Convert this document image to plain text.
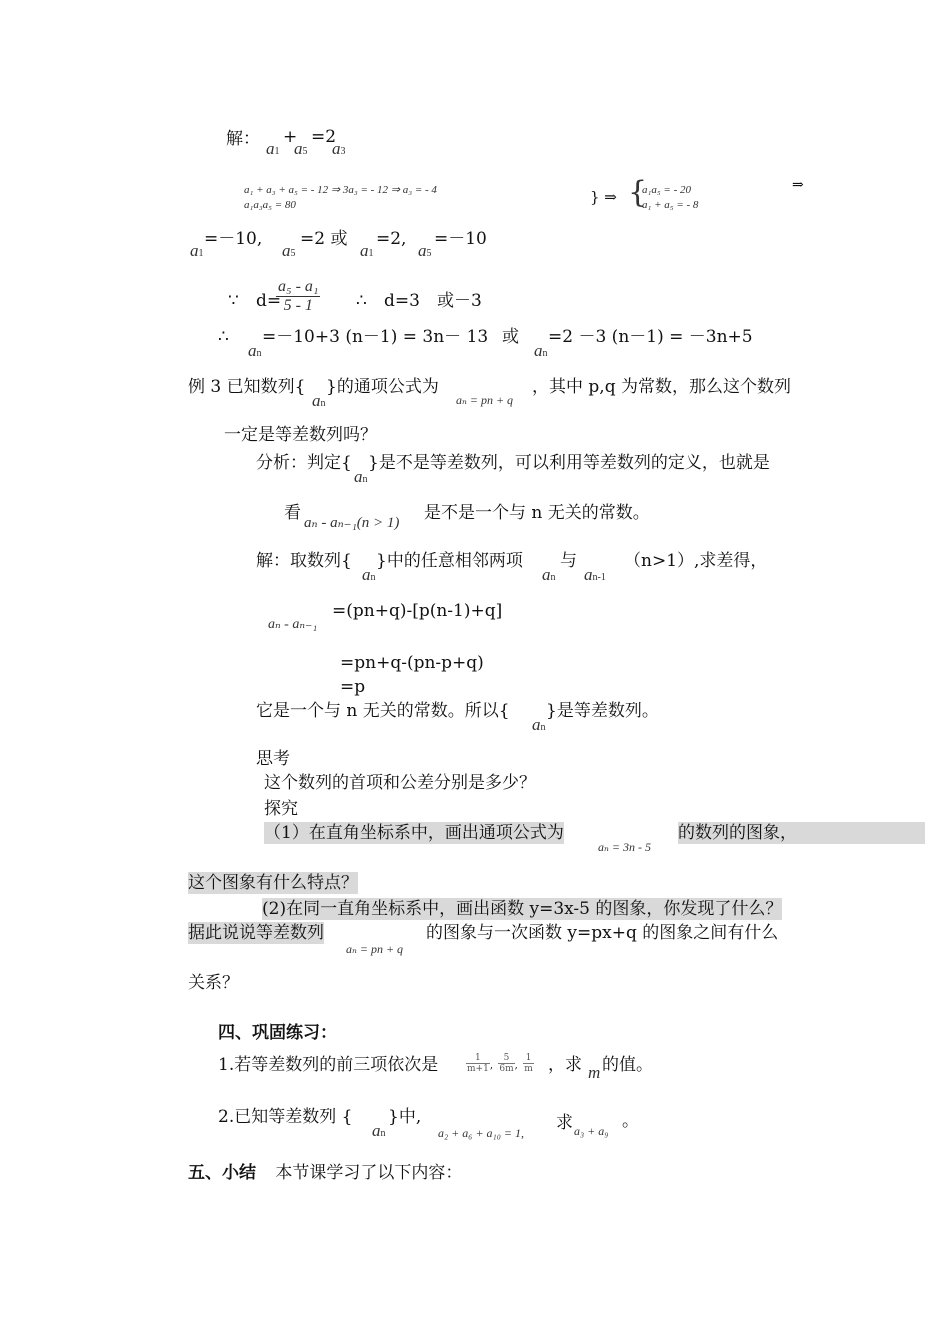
解： a1
+
a5
=2
a3
a₁ + a₃ + a₅ = - 12 ⇒ 3a₃ = - 12 ⇒ a₃ = - 4
a₁a₃a₅ = 80	} ⇒ {
a₁a₅ = - 20
a₁ + a₅ = - 8
⇒
a1
=－10,
a5
=2 或
a1
=2,
a5
=－10
∵ d=
$\frac{\text{a₅ - a₁}}{5 - 1}$ ∴ d=3　或－3
∴
an
=－10+3 (n－1) = 3n－ 13 或
an
=2 －3 (n－1) = －3n+5
例 3 已知数列{
an
}的通项公式为
aₙ = pn + q
，其中 p,q 为常数，那么这个数列
一定是等差数列吗？
分析：判定{
an
}是不是等差数列，可以利用等差数列的定义，也就是
看 aₙ - aₙ₋₁(n > 1) 是不是一个与 n 无关的常数。
解：取数列{
an
}中的任意相邻两项
an
与
an-1
（n>1）,求差得，
aₙ - aₙ₋₁
=(pn+q)-[p(n-1)+q]
=pn+q-(pn-p+q)
=p
它是一个与 n 无关的常数。所以{
an
}是等差数列。
思考
这个数列的首项和公差分别是多少？
探究
（1）在直角坐标系中，画出通项公式为
aₙ = 3n - 5
的数列的图象，
这个图象有什么特点？
(2)在同一直角坐标系中，画出函数 y=3x-5 的图象，你发现了什么？
据此说说等差数列
aₙ = pn + q
的图象与一次函数 y=px+q 的图象之间有什么
关系？
四、巩固练习：
1.若等差数列的前三项依次是	$\frac{1}{m+1}$ , $\frac{5}{6m}$ , $\frac{1}{m}$ ，求 m 的值。
2.已知等差数列 {
an
}中,
a₂ + a₆ + a₁₀ = 1, 求 a₃ + a₉ 。
五、小结 本节课学习了以下内容：
